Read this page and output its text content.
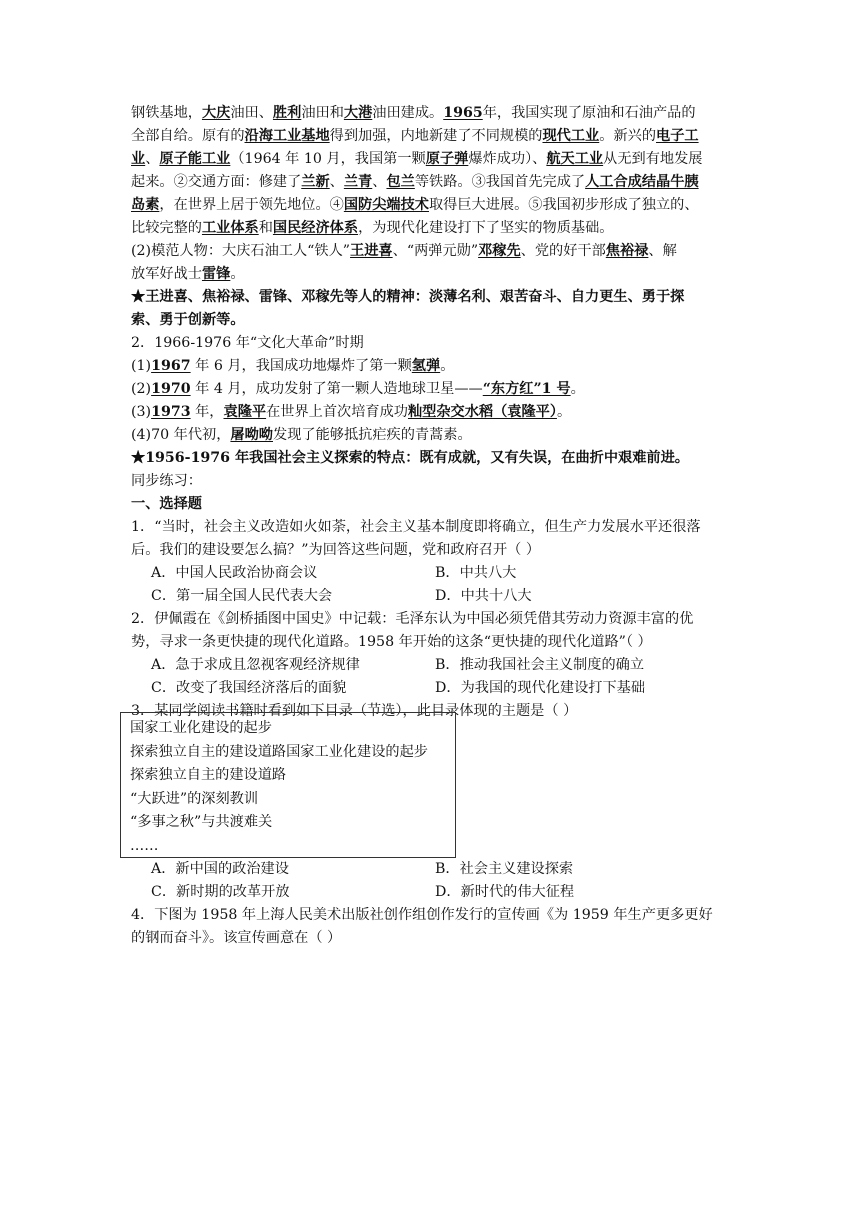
钢铁基地，大庆油田、胜利油田和大港油田建成。1965年，我国实现了原油和石油产品的
全部自给。原有的沿海工业基地得到加强，内地新建了不同规模的现代工业。新兴的电子工
业、原子能工业（1964 年 10 月，我国第一颗原子弹爆炸成功）、航天工业从无到有地发展
起来。②交通方面：修建了兰新、兰青、包兰等铁路。③我国首先完成了人工合成结晶牛胰
岛素，在世界上居于领先地位。④国防尖端技术取得巨大进展。⑤我国初步形成了独立的、
比较完整的工业体系和国民经济体系，为现代化建设打下了坚实的物质基础。
(2)模范人物：大庆石油工人“铁人”王进喜、“两弹元勋”邓稼先、党的好干部焦裕禄、解
放军好战士雷锋。
★王进喜、焦裕禄、雷锋、邓稼先等人的精神：淡薄名利、艰苦奋斗、自力更生、勇于探
索、勇于创新等。
2．1966-1976 年“文化大革命”时期
(1)1967 年 6 月，我国成功地爆炸了第一颗氢弹。
(2)1970 年 4 月，成功发射了第一颗人造地球卫星——“东方红”1 号。
(3)1973 年，袁隆平在世界上首次培育成功籼型杂交水稻（袁隆平）。
(4)70 年代初，屠呦呦发现了能够抵抗疟疾的青蒿素。
★1956-1976 年我国社会主义探索的特点：既有成就，又有失误，在曲折中艰难前进。
同步练习：
一、选择题
1．“当时，社会主义改造如火如荼，社会主义基本制度即将确立，但生产力发展水平还很落
后。我们的建设要怎么搞？”为回答这些问题，党和政府召开（ ）
A．中国人民政治协商会议	B．中共八大
C．第一届全国人民代表大会	D．中共十八大
2．伊佩霞在《剑桥插图中国史》中记载：毛泽东认为中国必须凭借其劳动力资源丰富的优
势，寻求一条更快捷的现代化道路。1958 年开始的这条“更快捷的现代化道路”（ ）
A．急于求成且忽视客观经济规律	B．推动我国社会主义制度的确立
C．改变了我国经济落后的面貌	D．为我国的现代化建设打下基础
3．某同学阅读书籍时看到如下目录（节选），此目录体现的主题是（ ）
国家工业化建设的起步
探索独立自主的建设道路国家工业化建设的起步
探索独立自主的建设道路
“大跃进”的深刻教训
“多事之秋”与共渡难关
……
A．新中国的政治建设	B．社会主义建设探索
C．新时期的改革开放	D．新时代的伟大征程
4．下图为 1958 年上海人民美术出版社创作组创作发行的宣传画《为 1959 年生产更多更好
的钢而奋斗》。该宣传画意在（ ）
